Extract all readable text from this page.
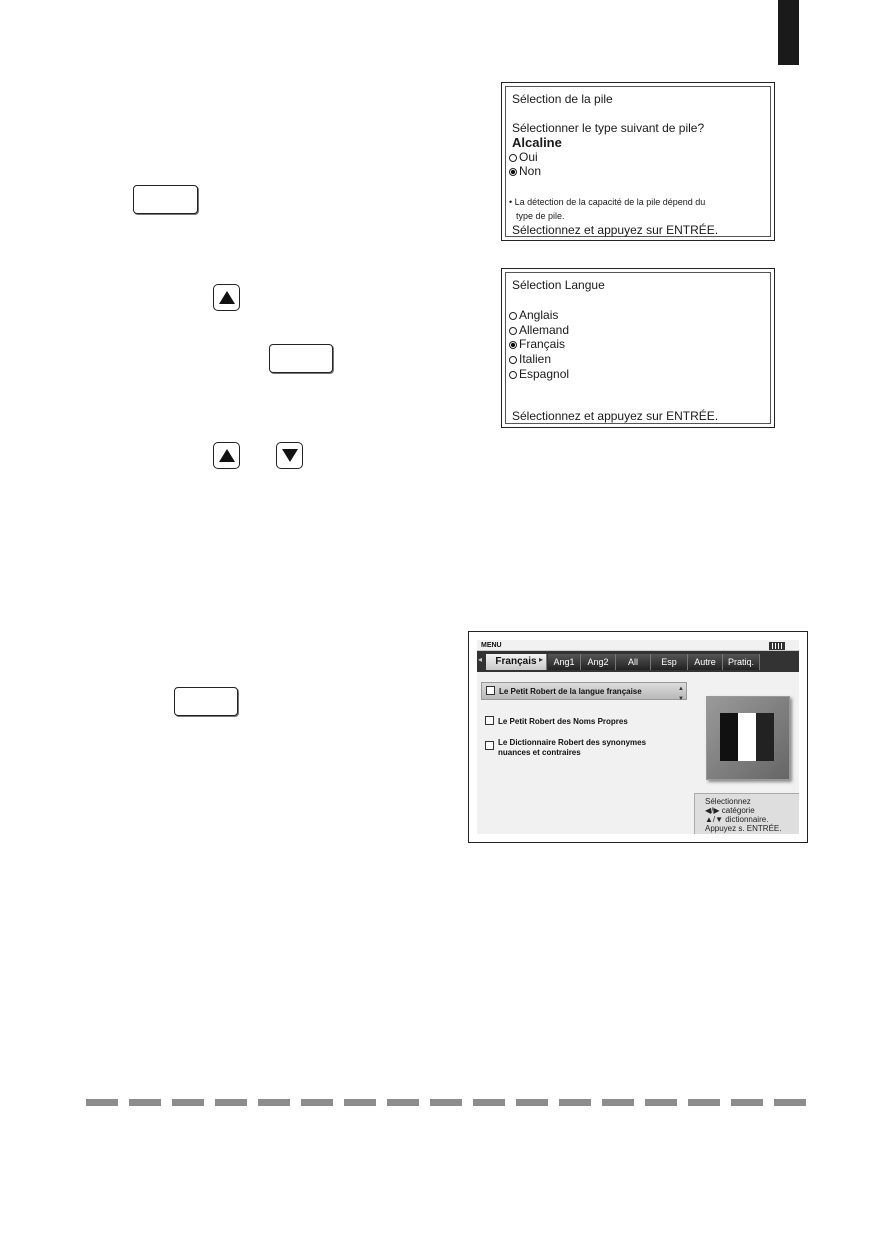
Sélection de la pile
Sélectionner le type suivant de pile?
Alcaline
Oui
Non
• La détection de la capacité de la pile dépend du
type de pile.
Sélectionnez et appuyez sur ENTRÉE.
Sélection Langue
Anglais
Allemand
Français
Italien
Espagnol
Sélectionnez et appuyez sur ENTRÉE.
MENU
◂	Français ▸	Ang1	Ang2	All	Esp	Autre	Pratiq.
Le Petit Robert de la langue française	▲
▼
Le Petit Robert des Noms Propres
Le Dictionnaire Robert des synonymes
nuances et contraires
Sélectionnez
◀/▶ catégorie
▲/▼ dictionnaire.
Appuyez s. ENTRÉE.
